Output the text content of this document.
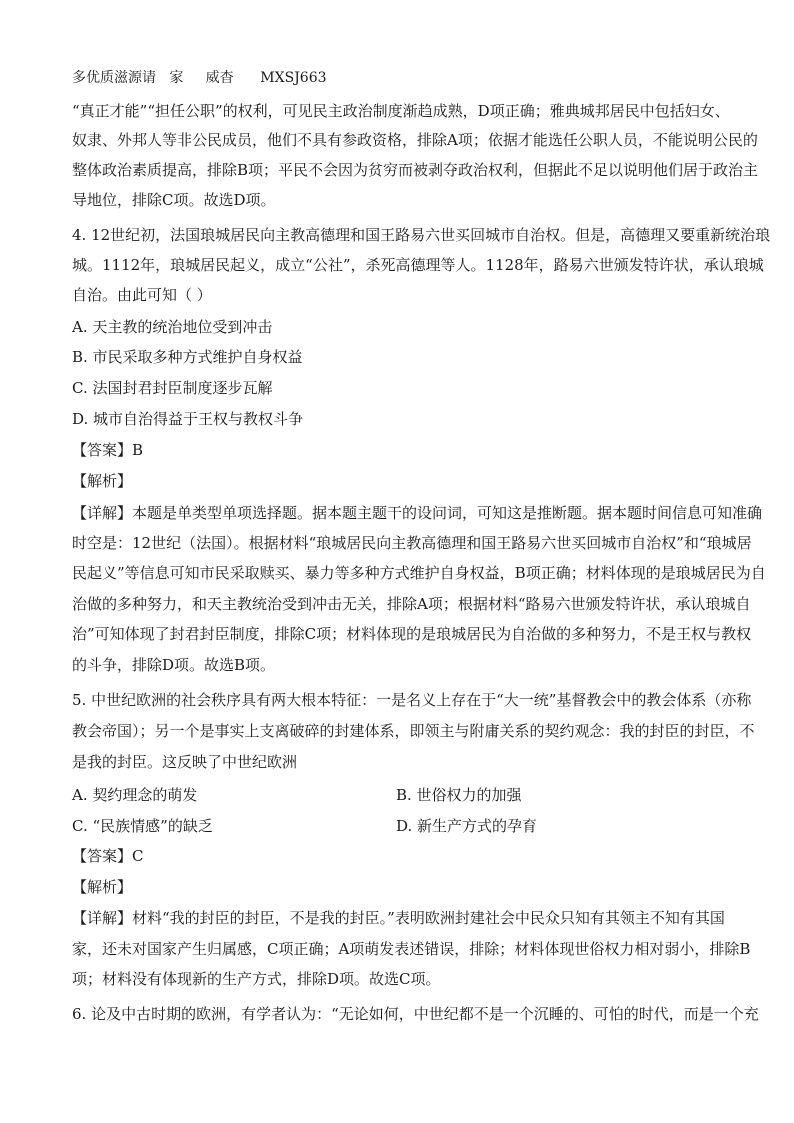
多优质滋源请   家     威杳      MXSJ663
“真正才能”“担任公职”的权利，可见民主政治制度渐趋成熟，D项正确；雅典城邦居民中包括妇女、
奴隶、外邦人等非公民成员，他们不具有参政资格，排除A项；依据才能选任公职人员，不能说明公民的
整体政治素质提高，排除B项；平民不会因为贫穷而被剥夺政治权利，但据此不足以说明他们居于政治主
导地位，排除C项。故选D项。
4. 12世纪初，法国琅城居民向主教高德理和国王路易六世买回城市自治权。但是，高德理又要重新统治琅
城。1112年，琅城居民起义，成立“公社”，杀死高德理等人。1128年，路易六世颁发特许状，承认琅城
自治。由此可知（ ）
A. 天主教的统治地位受到冲击
B. 市民采取多种方式维护自身权益
C. 法国封君封臣制度逐步瓦解
D. 城市自治得益于王权与教权斗争
【答案】B
【解析】
【详解】本题是单类型单项选择题。据本题主题干的设问词，可知这是推断题。据本题时间信息可知准确
时空是：12世纪（法国）。根据材料“琅城居民向主教高德理和国王路易六世买回城市自治权”和“琅城居
民起义”等信息可知市民采取赎买、暴力等多种方式维护自身权益，B项正确；材料体现的是琅城居民为自
治做的多种努力，和天主教统治受到冲击无关，排除A项；根据材料“路易六世颁发特许状，承认琅城自
治”可知体现了封君封臣制度，排除C项；材料体现的是琅城居民为自治做的多种努力，不是王权与教权
的斗争，排除D项。故选B项。
5. 中世纪欧洲的社会秩序具有两大根本特征：一是名义上存在于“大一统”基督教会中的教会体系（亦称
教会帝国）；另一个是事实上支离破碎的封建体系，即领主与附庸关系的契约观念：我的封臣的封臣，不
是我的封臣。这反映了中世纪欧洲
A. 契约理念的萌发	B. 世俗权力的加强
C. “民族情感”的缺乏	D. 新生产方式的孕育
【答案】C
【解析】
【详解】材料“我的封臣的封臣，不是我的封臣。”表明欧洲封建社会中民众只知有其领主不知有其国
家，还未对国家产生归属感，C项正确；A项萌发表述错误，排除；材料体现世俗权力相对弱小，排除B
项；材料没有体现新的生产方式，排除D项。故选C项。
6. 论及中古时期的欧洲，有学者认为：“无论如何，中世纪都不是一个沉睡的、可怕的时代，而是一个充
